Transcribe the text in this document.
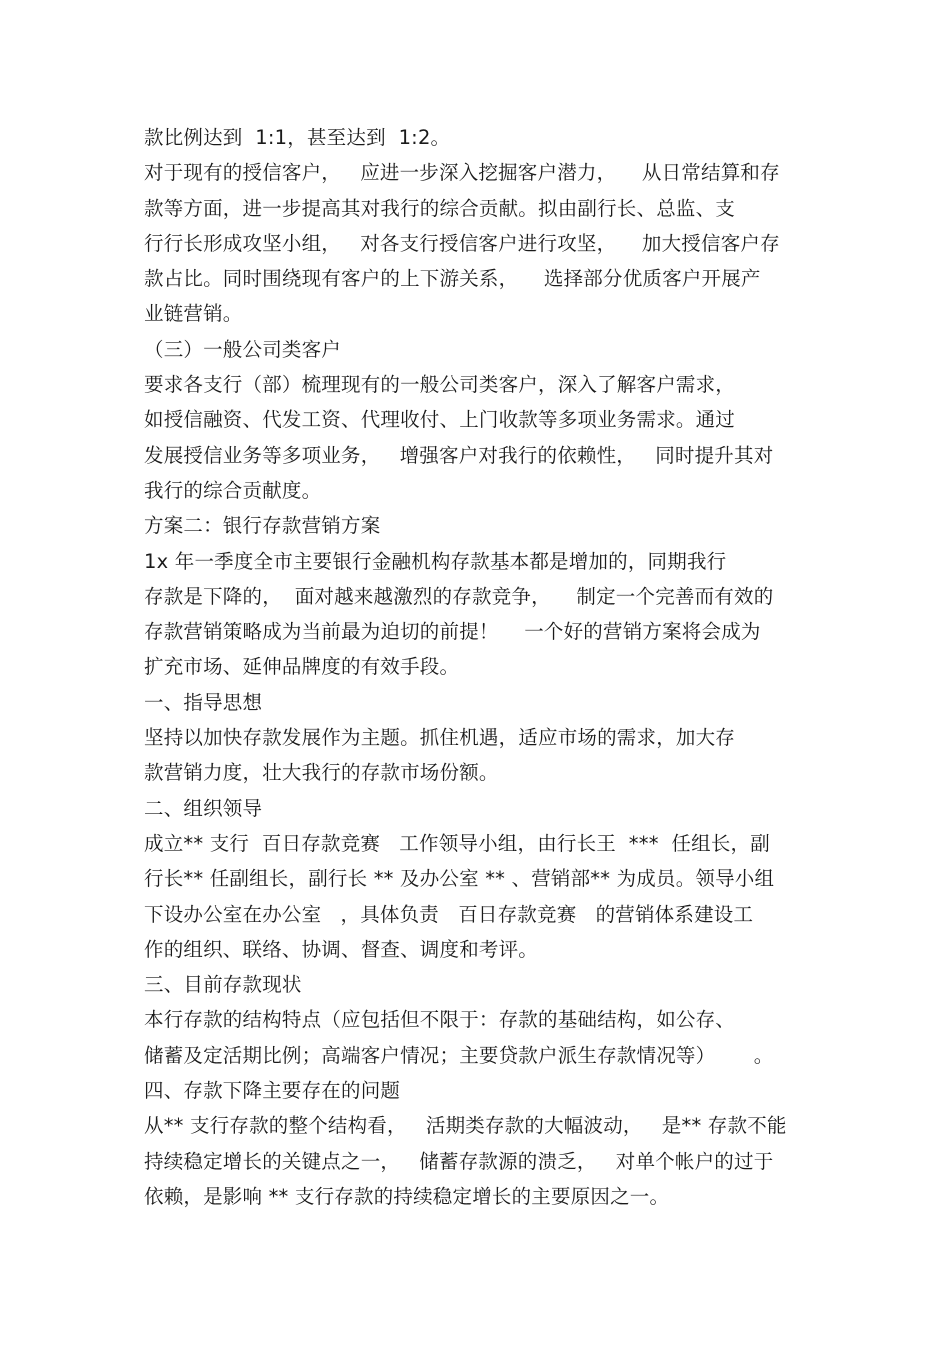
款比例达到  1:1，甚至达到  1:2。
对于现有的授信客户，   应进一步深入挖掘客户潜力，    从日常结算和存
款等方面，进一步提高其对我行的综合贡献。拟由副行长、总监、支
行行长形成攻坚小组，   对各支行授信客户进行攻坚，    加大授信客户存
款占比。同时围绕现有客户的上下游关系，    选择部分优质客户开展产
业链营销。
（三）一般公司类客户
要求各支行（部）梳理现有的一般公司类客户，深入了解客户需求，
如授信融资、代发工资、代理收付、上门收款等多项业务需求。通过
发展授信业务等多项业务，   增强客户对我行的依赖性，   同时提升其对
我行的综合贡献度。
方案二：银行存款营销方案
1x 年一季度全市主要银行金融机构存款基本都是增加的，同期我行
存款是下降的，  面对越来越激烈的存款竞争，    制定一个完善而有效的
存款营销策略成为当前最为迫切的前提！    一个好的营销方案将会成为
扩充市场、延伸品牌度的有效手段。
一、指导思想
坚持以加快存款发展作为主题。抓住机遇，适应市场的需求，加大存
款营销力度，壮大我行的存款市场份额。
二、组织领导
成立** 支行  百日存款竞赛   工作领导小组，由行长王  ***  任组长，副
行长** 任副组长，副行长 ** 及办公室 ** 、营销部** 为成员。领导小组
下设办公室在办公室   ，具体负责   百日存款竞赛   的营销体系建设工
作的组织、联络、协调、督查、调度和考评。
三、目前存款现状
本行存款的结构特点（应包括但不限于：存款的基础结构，如公存、
储蓄及定活期比例；高端客户情况；主要贷款户派生存款情况等）      。
四、存款下降主要存在的问题
从** 支行存款的整个结构看，   活期类存款的大幅波动，   是** 存款不能
持续稳定增长的关键点之一，   储蓄存款源的溃乏，   对单个帐户的过于
依赖，是影响 ** 支行存款的持续稳定增长的主要原因之一。
